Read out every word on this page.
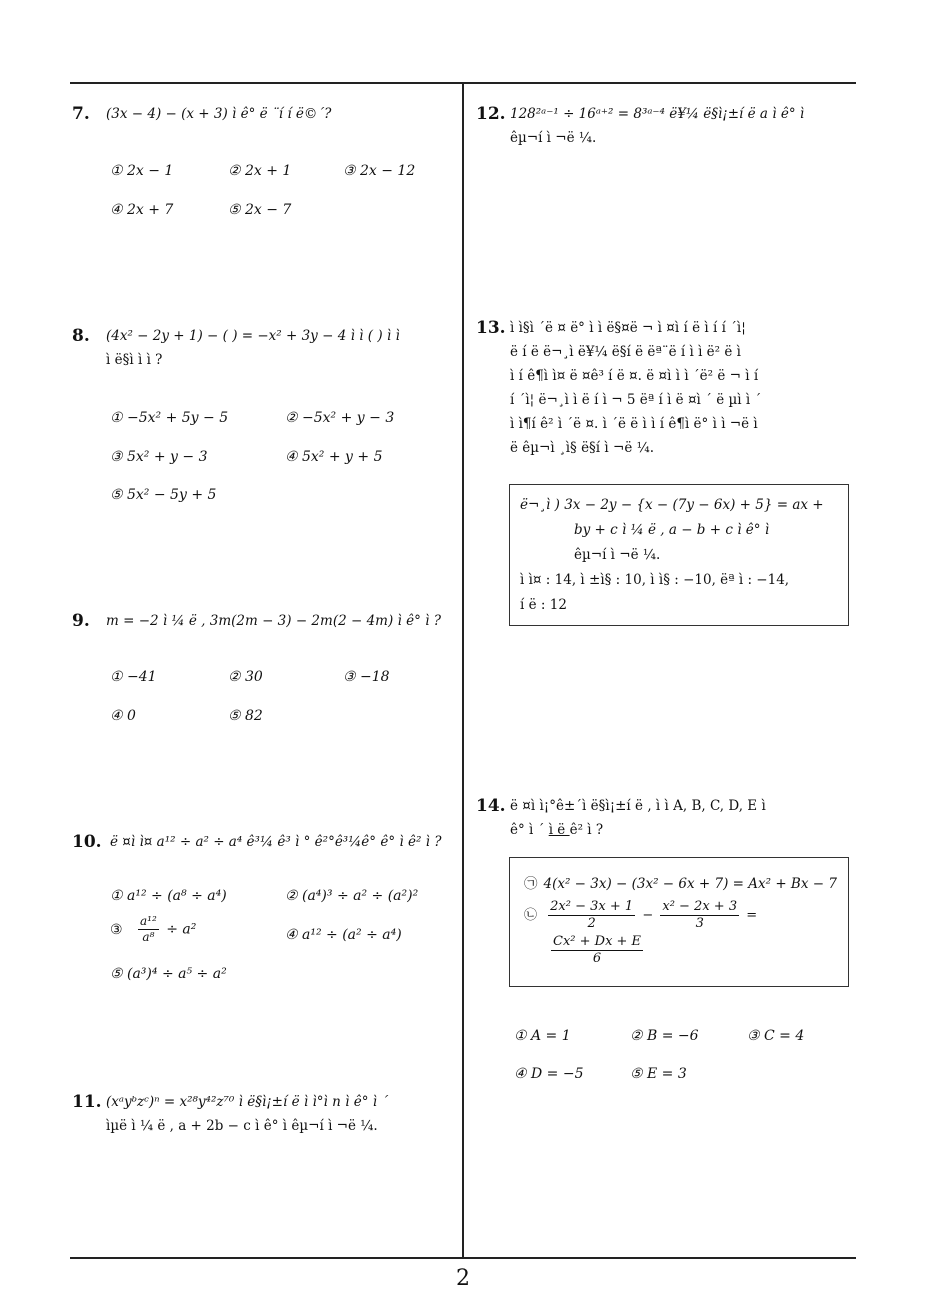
7. (3x − 4) − (x + 3) ì ê° ë ¨í í ë©´?
① 2x − 1	② 2x + 1	③ 2x − 12
④ 2x + 7	⑤ 2x − 7
8. (4x² − 2y + 1) − ( ) = −x² + 3y − 4 ì ì ( ) ì ì
ì ë§ì ì ì ?
① −5x² + 5y − 5	② −5x² + y − 3
③ 5x² + y − 3	④ 5x² + y + 5
⑤ 5x² − 5y + 5
9. m = −2 ì ¼ ë , 3m(2m − 3) − 2m(2 − 4m) ì ê° ì ?
① −41	② 30	③ −18
④ 0	⑤ 82
10. ë ¤ì ì¤ a¹² ÷ a² ÷ a⁴ ê³¼ ê³ ì ° ê²°ê³¼ê° ê° ì ê² ì ?
① a¹² ÷ (a⁸ ÷ a⁴)	② (a⁴)³ ÷ a² ÷ (a²)²
③ $\frac{\text{a¹²}}{\text{a⁸}} \div a^2$	④ a¹² ÷ (a² ÷ a⁴)
⑤ (a³)⁴ ÷ a⁵ ÷ a²
11. (xᵃyᵇzᶜ)ⁿ = x²⁸y⁴²z⁷⁰ ì ë§ì¡±í ë ì ì°ì n ì ê° ì ´
ìµë ì ¼ ë , a + 2b − c ì ê° ì êµ¬í ì ¬ë ¼.
12. 128²ᵃ⁻¹ ÷ 16ᵃ⁺² = 8³ᵃ⁻⁴ ë¥¼ ë§ì¡±í ë a ì ê° ì
êµ¬í ì ¬ë ¼.
13. ì ì§ì ´ë ¤ ë° ì ì ë§¤ë ¬ ì ¤ì í ë ì í í ´ì¦
ë í ë ë¬¸ì ë¥¼ ë§í ë ëª¨ë í ì ì ë² ë ì
ì í ê¶ì ì¤ ë ¤ê³ í ë ¤. ë ¤ì ì ì ´ë² ë ¬ ì í
í ´ì¦ ë¬¸ì ì ë í ì ¬ 5 ëª í ì ë ¤ì ´ ë µì ì ´
ì ì¶í ê² ì ´ë ¤. ì ´ë ë ì ì í ê¶ì ë° ì ì ¬ë ì
ë êµ¬ì ¸ì§ ë§í ì ¬ë ¼.
ë¬¸ì ) 3x − 2y − {x − (7y − 6x) + 5} = ax +
by + c ì ¼ ë , a − b + c ì ê° ì
êµ¬í ì ¬ë ¼.
ì ì¤ : 14, ì ±ì§ : 10, ì ì§ : −10, ëª ì : −14,
í ë : 12
14. ë ¤ì ì¡°ê±´ì ë§ì¡±í ë , ì ì A, B, C, D, E ì
ê° ì ´ ì ë ê² ì ?
㉠ 4(x² − 3x) − (3x² − 6x + 7) = Ax² + Bx − 7
㉡ $\frac{\text{2x² − 3x + 1}}{2} - \frac{\text{x² − 2x + 3}}{3}$ =
$\frac{\text{Cx² + Dx + E}}{6}$
① A = 1	② B = −6	③ C = 4
④ D = −5	⑤ E = 3
2
